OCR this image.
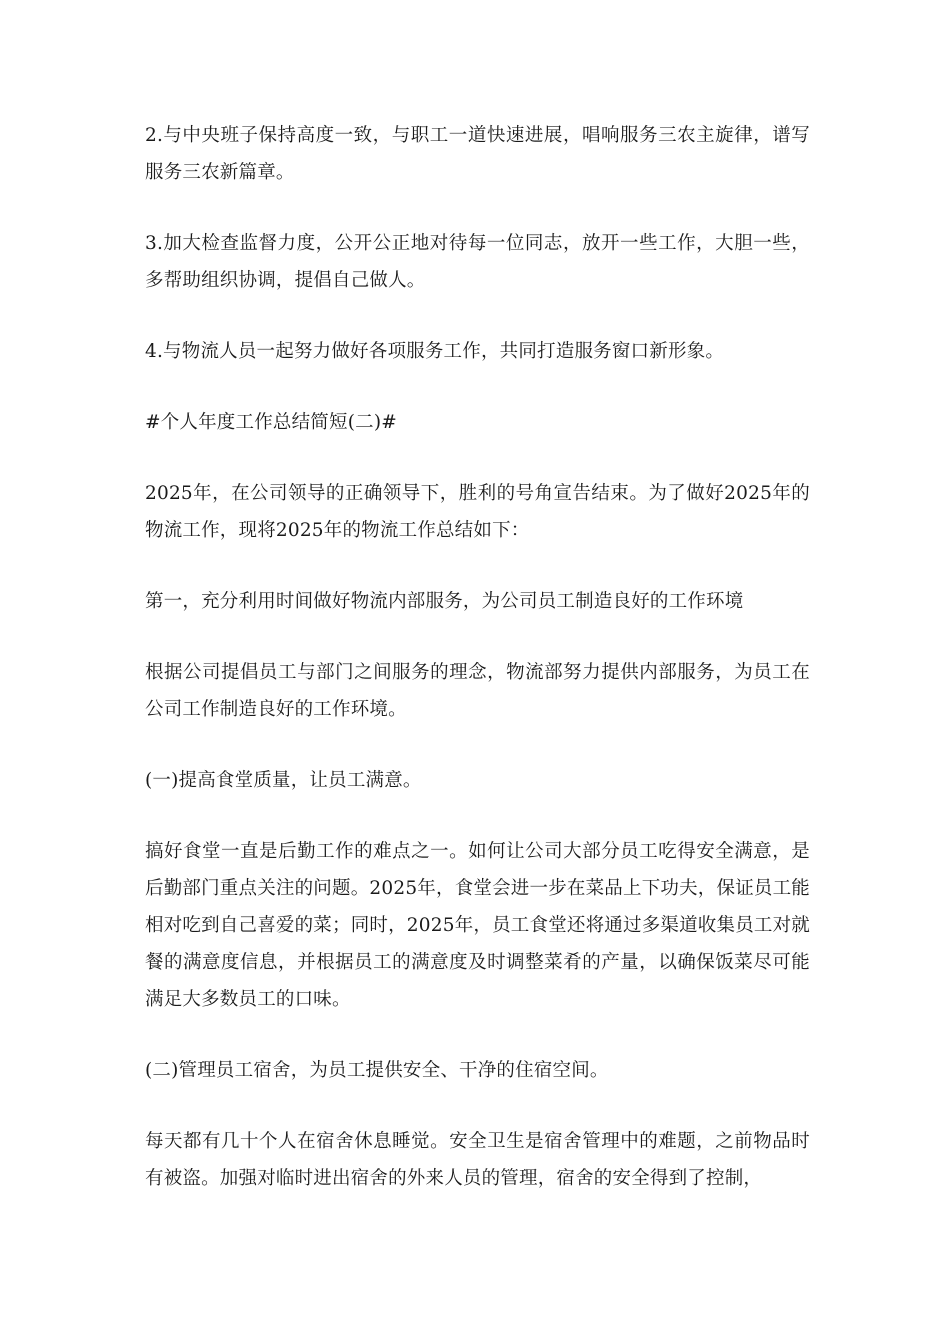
2.与中央班子保持高度一致，与职工一道快速进展，唱响服务三农主旋律，谱写服务三农新篇章。

3.加大检查监督力度，公开公正地对待每一位同志，放开一些工作，大胆一些，多帮助组织协调，提倡自己做人。

4.与物流人员一起努力做好各项服务工作，共同打造服务窗口新形象。

#个人年度工作总结简短(二)#

2025年，在公司领导的正确领导下，胜利的号角宣告结束。为了做好2025年的物流工作，现将2025年的物流工作总结如下：

第一，充分利用时间做好物流内部服务，为公司员工制造良好的工作环境

根据公司提倡员工与部门之间服务的理念，物流部努力提供内部服务，为员工在公司工作制造良好的工作环境。

(一)提高食堂质量，让员工满意。

搞好食堂一直是后勤工作的难点之一。如何让公司大部分员工吃得安全满意，是后勤部门重点关注的问题。2025年，食堂会进一步在菜品上下功夫，保证员工能相对吃到自己喜爱的菜；同时，2025年，员工食堂还将通过多渠道收集员工对就餐的满意度信息，并根据员工的满意度及时调整菜肴的产量，以确保饭菜尽可能满足大多数员工的口味。

(二)管理员工宿舍，为员工提供安全、干净的住宿空间。

每天都有几十个人在宿舍休息睡觉。安全卫生是宿舍管理中的难题，之前物品时有被盗。加强对临时进出宿舍的外来人员的管理，宿舍的安全得到了控制，
